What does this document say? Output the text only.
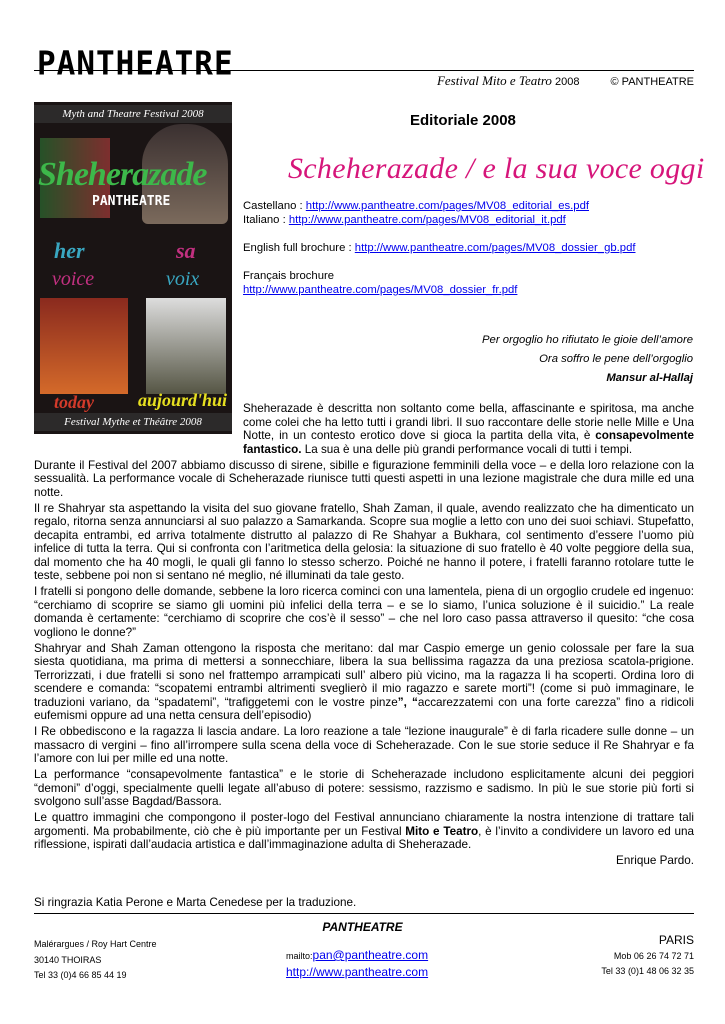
PANTHEATRE	Festival Mito e Teatro 2008	© PANTHEATRE
Myth and Theatre Festival 2008
Sheherazade
PANTHEATRE
her	sa
voice	voix
today aujourd'hui
Festival Mythe et Théâtre 2008
Editoriale 2008
Scheherazade / e la sua voce oggi
Castellano : http://www.pantheatre.com/pages/MV08_editorial_es.pdf
Italiano : http://www.pantheatre.com/pages/MV08_editorial_it.pdf
English full brochure : http://www.pantheatre.com/pages/MV08_dossier_gb.pdf
Français brochure
http://www.pantheatre.com/pages/MV08_dossier_fr.pdf
Per orgoglio ho rifiutato le gioie dell’amore
Ora soffro le pene dell’orgoglio
Mansur al-Hallaj

Sheherazade è descritta non soltanto come bella, affascinante e spiritosa, ma anche come colei che ha letto tutti i grandi libri. Il suo raccontare delle storie nelle Mille e Una Notte, in un contesto erotico dove si gioca la partita della vita, è consapevolmente fantastico. La sua è una delle più grandi performance vocali di tutti i tempi.

Durante il Festival del 2007 abbiamo discusso di sirene, sibille e figurazione femminili della voce – e della loro relazione con la sessualità. La performance vocale di Scheherazade riunisce tutti questi aspetti in una lezione magistrale che dura mille ed una notte.

Il re Shahryar sta aspettando la visita del suo giovane fratello, Shah Zaman, il quale, avendo realizzato che ha dimenticato un regalo, ritorna senza annunciarsi al suo palazzo a Samarkanda. Scopre sua moglie a letto con uno dei suoi schiavi. Stupefatto, decapita entrambi, ed arriva totalmente distrutto al palazzo di Re Shahyar a Bukhara, col sentimento d’essere l’uomo più infelice di tutta la terra. Qui si confronta con l’aritmetica della gelosia: la situazione di suo fratello è 40 volte peggiore della sua, dal momento che ha 40 mogli, le quali gli fanno lo stesso scherzo. Poiché ne hanno il potere, i fratelli faranno rotolare tutte le teste, sebbene poi non si sentano né meglio, né illuminati da tale gesto.

I fratelli si pongono delle domande, sebbene la loro ricerca cominci con una lamentela, piena di un orgoglio crudele ed ingenuo: “cerchiamo di scoprire se siamo gli uomini più infelici della terra – e se lo siamo, l’unica soluzione è il suicidio.” La reale domanda è certamente: “cerchiamo di scoprire che cos’è il sesso” – che nel loro caso passa attraverso il quesito: “che cosa vogliono le donne?”

Shahryar and Shah Zaman ottengono la risposta che meritano: dal mar Caspio emerge un genio colossale per fare la sua siesta quotidiana, ma prima di mettersi a sonnecchiare, libera la sua bellissima ragazza da una preziosa scatola-prigione. Terrorizzati, i due fratelli si sono nel frattempo arrampicati sull’ albero più vicino, ma la ragazza li ha scoperti. Ordina loro di scendere e comanda: “scopatemi entrambi altrimenti sveglierò il mio ragazzo e sarete morti”! (come si può immaginare, le traduzioni variano, da “spadatemi”, “trafiggetemi con le vostre pinze”, “accarezzatemi con una forte carezza” fino a ridicoli eufemismi oppure ad una netta censura dell’episodio)

I Re obbediscono e la ragazza li lascia andare. La loro reazione a tale “lezione inaugurale” è di farla ricadere sulle donne – un massacro di vergini – fino all’irrompere sulla scena della voce di Scheherazade. Con le sue storie seduce il Re Shahryar e fa l’amore con lui per mille ed una notte.

La performance “consapevolmente fantastica” e le storie di Scheherazade includono esplicitamente alcuni dei peggiori “demoni” d’oggi, specialmente quelli legate all’abuso di potere: sessismo, razzismo e sadismo. In più le sue storie più forti si svolgono sull’asse Bagdad/Bassora.

Le quattro immagini che compongono il poster-logo del Festival annunciano chiaramente la nostra intenzione di trattare tali argomenti. Ma probabilmente, ciò che è più importante per un Festival Mito e Teatro, è l’invito a condividere un lavoro ed una riflessione, ispirati dall’audacia artistica e dall’immaginazione adulta di Sheherazade.

Enrique Pardo.

Si ringrazia Katia Perone e Marta Cenedese per la traduzione.
PANTHEATRE
Malérargues / Roy Hart Centre
30140 THOIRAS
Tel 33 (0)4 66 85 44 19
mailto:pan@pantheatre.com
http://www.pantheatre.com
PARIS
Mob 06 26 74 72 71
Tel 33 (0)1 48 06 32 35
